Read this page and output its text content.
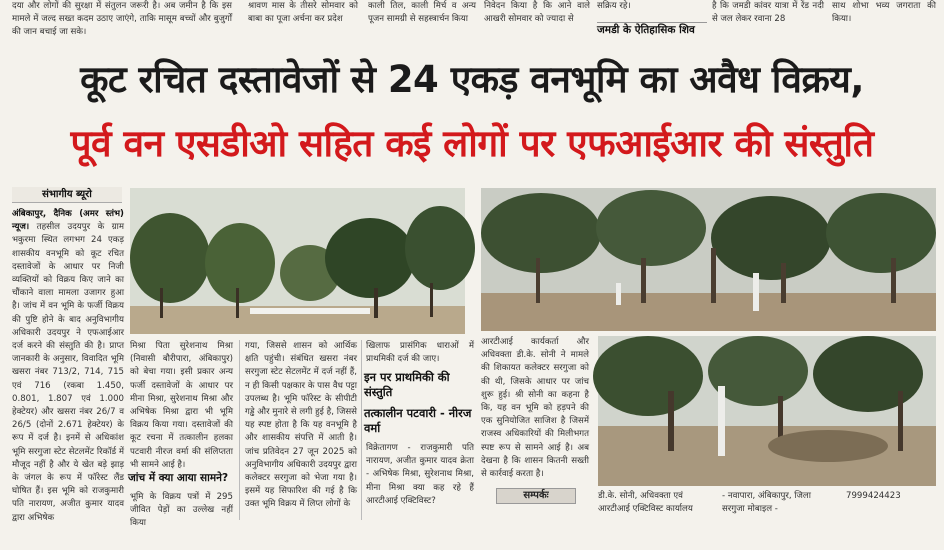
दया और लोगों की सुरक्षा में संतुलन जरूरी है। अब जमीन है कि इस मामले में जल्द सख्त कदम उठाए जाएंगे, ताकि मासूम बच्चों और बुजुर्गों की जान बचाई जा सके।
श्रावण मास के तीसरे सोमवार को बाबा का पूजा अर्चना कर प्रदेश
काली तिल, काली मिर्च व अन्य पूजन सामग्री से सहस्त्रार्चन किया
निवेदन किया है कि आने वाले आखरी सोमवार को ज्यादा से
सक्रिय रहे।
जमडी के ऐतिहासिक शिव
है कि जमडी कांवर यात्रा में रेंड नदी से जल लेकर रवाना 28
साथ शोभा भव्य जगराता की किया।
कूट रचित दस्तावेजों से 24 एकड़ वनभूमि का अवैध विक्रय,
पूर्व वन एसडीओ सहित कई लोगों पर एफआईआर की संस्तुति
संभागीय ब्यूरो

अंबिकापुर, दैनिक (अमर स्तंभ) न्यूज। तहसील उदयपुर के ग्राम भकुरमा स्थित लगभग 24 एकड़ शासकीय वनभूमि को कूट रचित दस्तावेजों के आधार पर निजी व्यक्तियों को विक्रय किए जाने का चौंकाने वाला मामला उजागर हुआ है। जांच में वन भूमि के फर्जी विक्रय की पुष्टि होने के बाद अनुविभागीय अधिकारी उदयपुर ने एफआईआर दर्ज करने की संस्तुति की है। प्राप्त जानकारी के अनुसार, विवादित भूमि खसरा नंबर 713/2, 714, 715 एवं 716 (रकबा 1.450, 0.801, 1.807 एवं 1.000 हेक्टेयर) और खसरा नंबर 26/7 व 26/5 (दोनों 2.671 हेक्टेयर) के रूप में दर्ज है। इनमें से अधिकांश भूमि सरगुजा स्टेट सेटलमेंट रिकॉर्ड में मौजूद नहीं है और ये खेत बड़े झाड़ के जंगल के रूप में फॉरेस्ट लैंड घोषित हैं। इस भूमि को राजकुमारी पति नारायण, अजीत कुमार यादव द्वारा अभिषेक

मिश्रा पिता सुरेशनाथ मिश्रा (निवासी बौरीपारा, अंबिकापुर) को बेचा गया। इसी प्रकार अन्य फर्जी दस्तावेजों के आधार पर मीना मिश्रा, सुरेशनाथ मिश्रा और अभिषेक मिश्रा द्वारा भी भूमि विक्रय किया गया। दस्तावेजों की कूट रचना में तत्कालीन हलका पटवारी नीरज वर्मा की संलिप्तता भी सामने आई है।

जांच में क्या आया सामने?

भूमि के विक्रय पत्रों में 295 जीवित पेड़ों का उल्लेख नहीं किया

गया, जिससे शासन को आर्थिक क्षति पहुंची। संबंधित खसरा नंबर सरगुजा स्टेट सेटलमेंट में दर्ज नहीं हैं, न ही किसी पक्षकार के पास वैध पट्टा उपलब्ध है। भूमि फॉरेस्ट के सीपीटी गड्ढे और मुनारे से लगी हुई है, जिससे यह स्पष्ट होता है कि यह वनभूमि है और शासकीय संपत्ति में आती है। जांच प्रतिवेदन 27 जून 2025 को अनुविभागीय अधिकारी उदयपुर द्वारा कलेक्टर सरगुजा को भेजा गया है। इसमें यह सिफारिश की गई है कि उक्त भूमि विक्रय में लिप्त लोगों के

खिलाफ प्रासंगिक धाराओं में प्राथमिकी दर्ज की जाए।

इन पर प्राथमिकी की संस्तुति
तत्कालीन पटवारी - नीरज वर्मा

विक्रेतागण - राजकुमारी पति नारायण, अजीत कुमार यादव क्रेता - अभिषेक मिश्रा, सुरेशनाथ मिश्रा, मीना मिश्रा क्या कह रहे हैं आरटीआई एक्टिविस्ट?

आरटीआई कार्यकर्ता और अधिवक्ता डी.के. सोनी ने मामले की शिकायत कलेक्टर सरगुजा को की थी, जिसके आधार पर जांच शुरू हुई। श्री सोनी का कहना है कि, यह वन भूमि को हड़पने की एक सुनियोजित साजिश है जिसमें राजस्व अधिकारियों की मिलीभगत स्पष्ट रूप से सामने आई है। अब देखना है कि शासन कितनी सख्ती से कार्रवाई करता है।

सम्पर्कः	डी.के. सोनी, अधिवक्ता एवं	- नवापारा, अंबिकापुर, जिला	7999424423
आरटीआई एक्टिविस्ट कार्यालय	सरगुजा मोबाइल -
